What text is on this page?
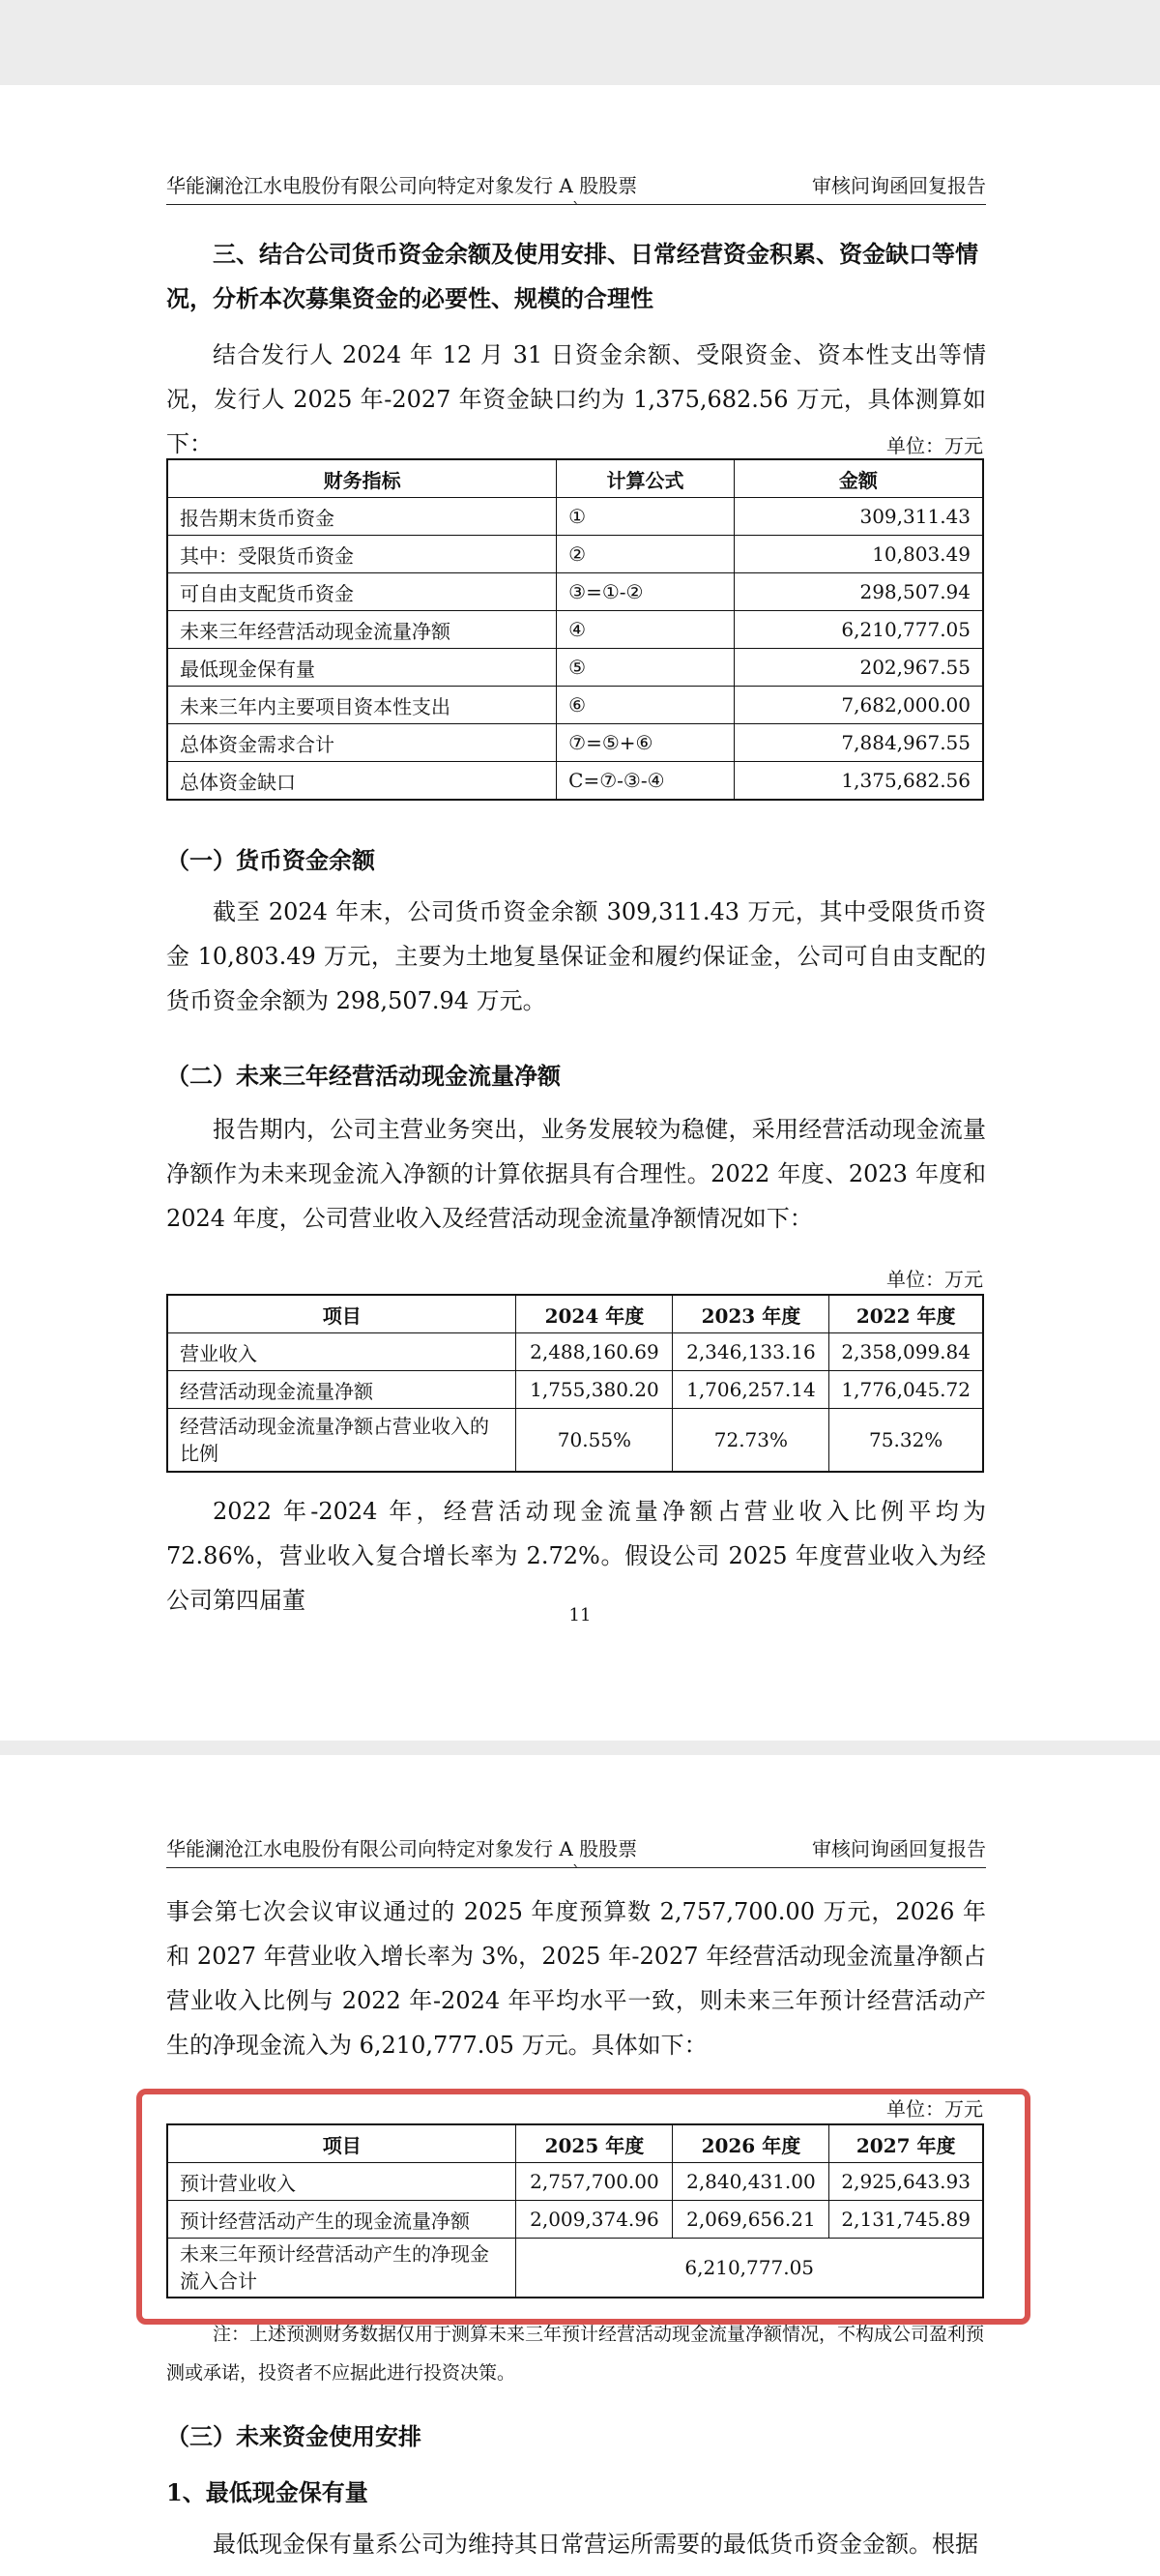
华能澜沧江水电股份有限公司向特定对象发行 A 股股票	审核问询函回复报告
`

三、结合公司货币资金余额及使用安排、日常经营资金积累、资金缺口等情况，分析本次募集资金的必要性、规模的合理性

结合发行人 2024 年 12 月 31 日资金余额、受限资金、资本性支出等情况，发行人 2025 年-2027 年资金缺口约为 1,375,682.56 万元，具体测算如下：	单位：万元
财务指标	计算公式	金额
报告期末货币资金	①	309,311.43
其中：受限货币资金	②	10,803.49
可自由支配货币资金	③=①-②	298,507.94
未来三年经营活动现金流量净额	④	6,210,777.05
最低现金保有量	⑤	202,967.55
未来三年内主要项目资本性支出	⑥	7,682,000.00
总体资金需求合计	⑦=⑤+⑥	7,884,967.55
总体资金缺口	C=⑦-③-④	1,375,682.56

（一）货币资金余额

截至 2024 年末，公司货币资金余额 309,311.43 万元，其中受限货币资金 10,803.49 万元，主要为土地复垦保证金和履约保证金，公司可自由支配的货币资金余额为 298,507.94 万元。

（二）未来三年经营活动现金流量净额

报告期内，公司主营业务突出，业务发展较为稳健，采用经营活动现金流量净额作为未来现金流入净额的计算依据具有合理性。2022 年度、2023 年度和 2024 年度，公司营业收入及经营活动现金流量净额情况如下：

单位：万元
项目	2024 年度	2023 年度	2022 年度
营业收入	2,488,160.69	2,346,133.16	2,358,099.84
经营活动现金流量净额	1,755,380.20	1,706,257.14	1,776,045.72
经营活动现金流量净额占营业收入的比例	70.55%	72.73%	75.32%

2022 年-2024 年，经营活动现金流量净额占营业收入比例平均为 72.86%，营业收入复合增长率为 2.72%。假设公司 2025 年度营业收入为经公司第四届董

11
华能澜沧江水电股份有限公司向特定对象发行 A 股股票	审核问询函回复报告
`

事会第七次会议审议通过的 2025 年度预算数 2,757,700.00 万元，2026 年和 2027 年营业收入增长率为 3%，2025 年-2027 年经营活动现金流量净额占营业收入比例与 2022 年-2024 年平均水平一致，则未来三年预计经营活动产生的净现金流入为 6,210,777.05 万元。具体如下：

单位：万元
项目	2025 年度	2026 年度	2027 年度
预计营业收入	2,757,700.00	2,840,431.00	2,925,643.93
预计经营活动产生的现金流量净额	2,009,374.96	2,069,656.21	2,131,745.89
未来三年预计经营活动产生的净现金流入合计	6,210,777.05		

注：上述预测财务数据仅用于测算未来三年预计经营活动现金流量净额情况，不构成公司盈利预测或承诺，投资者不应据此进行投资决策。

（三）未来资金使用安排

1、最低现金保有量

最低现金保有量系公司为维持其日常营运所需要的最低货币资金金额。根据
